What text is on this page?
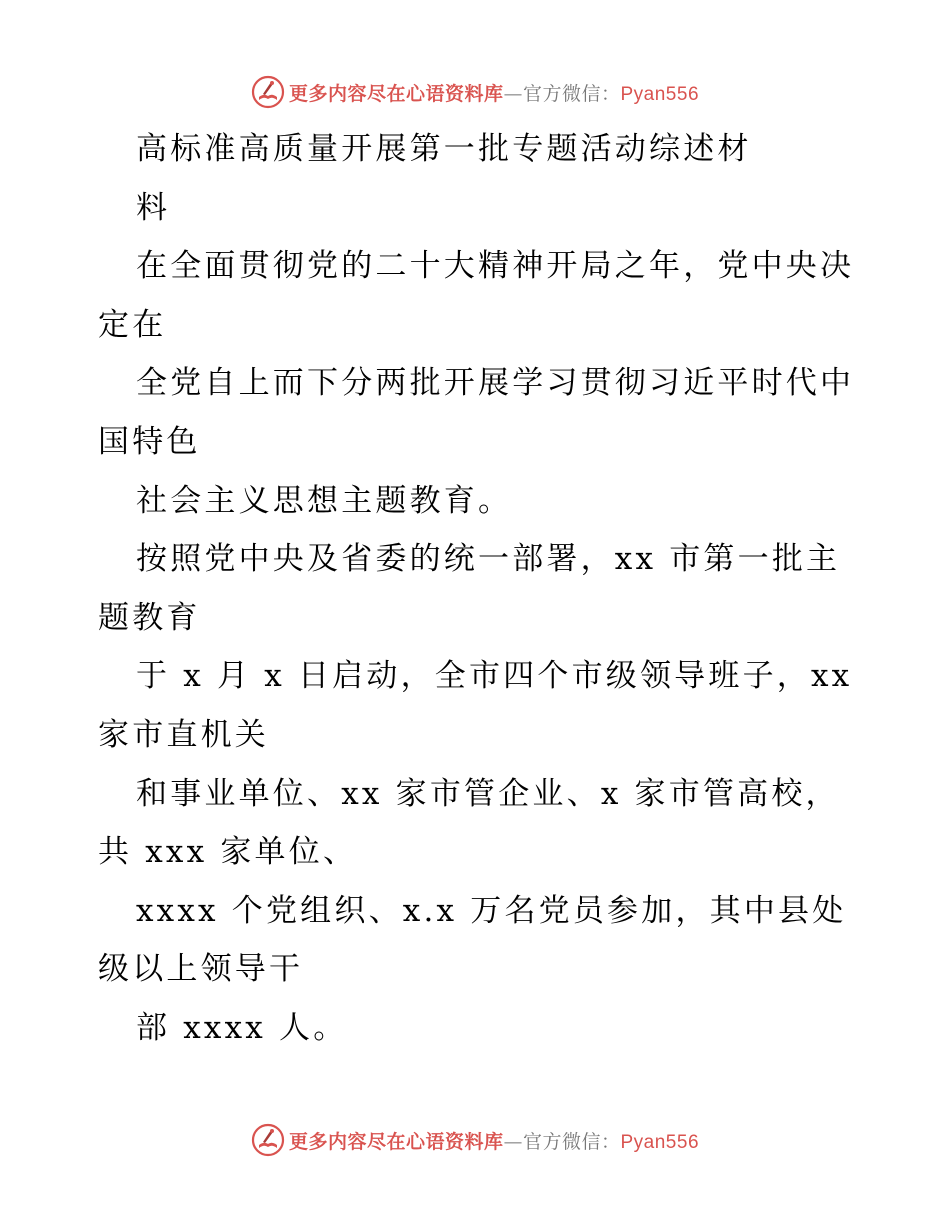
更多内容尽在心语资料库—官方微信：Pyan556
高标准高质量开展第一批专题活动综述材
料
在全面贯彻党的二十大精神开局之年，党中央决
定在
全党自上而下分两批开展学习贯彻习近平时代中
国特色
社会主义思想主题教育。
按照党中央及省委的统一部署，xx 市第一批主
题教育
于 x 月 x 日启动，全市四个市级领导班子，xx
家市直机关
和事业单位、xx 家市管企业、x 家市管高校，
共 xxx 家单位、
xxxx 个党组织、x.x 万名党员参加，其中县处
级以上领导干
部 xxxx 人。
更多内容尽在心语资料库—官方微信：Pyan556
